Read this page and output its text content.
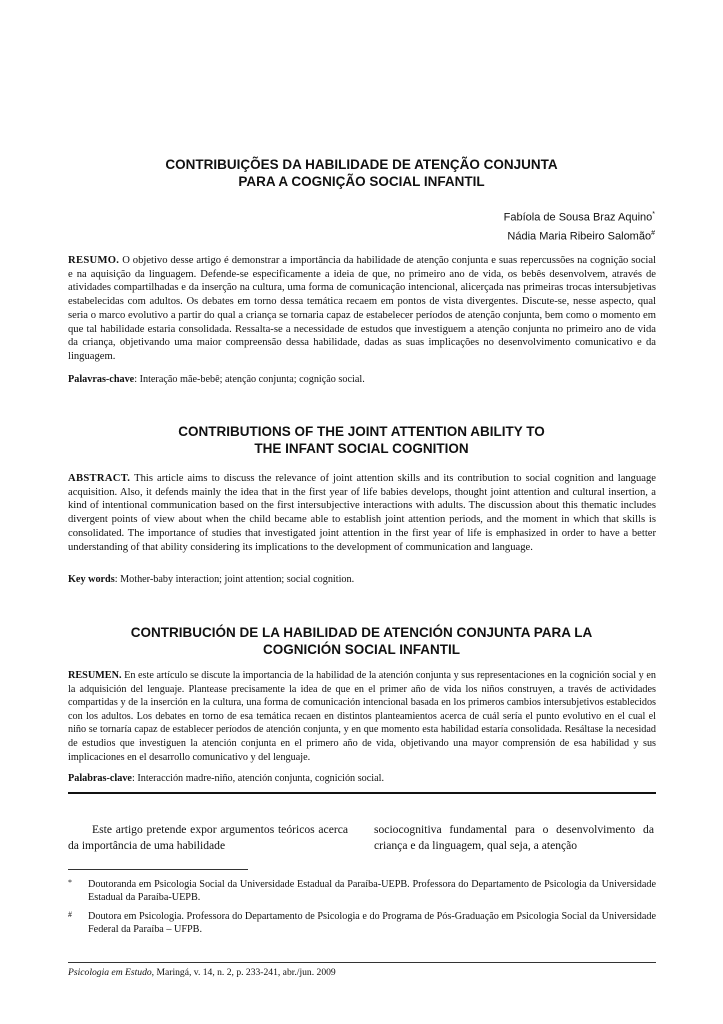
CONTRIBUIÇÕES DA HABILIDADE DE ATENÇÃO CONJUNTA
PARA A COGNIÇÃO SOCIAL INFANTIL
Fabíola de Sousa Braz Aquino*
Nádia Maria Ribeiro Salomão#

RESUMO. O objetivo desse artigo é demonstrar a importância da habilidade de atenção conjunta e suas repercussões na cognição social e na aquisição da linguagem. Defende-se especificamente a ideia de que, no primeiro ano de vida, os bebês desenvolvem, através de atividades compartilhadas e da inserção na cultura, uma forma de comunicação intencional, alicerçada nas primeiras trocas intersubjetivas estabelecidas com adultos. Os debates em torno dessa temática recaem em pontos de vista divergentes. Discute-se, nesse aspecto, qual seria o marco evolutivo a partir do qual a criança se tornaria capaz de estabelecer períodos de atenção conjunta, bem como o momento em que tal habilidade estaria consolidada. Ressalta-se a necessidade de estudos que investiguem a atenção conjunta no primeiro ano de vida da criança, objetivando uma maior compreensão dessa habilidade, dadas as suas implicações no desenvolvimento comunicativo e da linguagem.

Palavras-chave: Interação mãe-bebê; atenção conjunta; cognição social.

CONTRIBUTIONS OF THE JOINT ATTENTION ABILITY TO
THE INFANT SOCIAL COGNITION

ABSTRACT. This article aims to discuss the relevance of joint attention skills and its contribution to social cognition and language acquisition. Also, it defends mainly the idea that in the first year of life babies develops, thought joint attention and cultural insertion, a kind of intentional communication based on the first intersubjective interactions with adults. The discussion about this thematic includes divergent points of view about when the child became able to establish joint attention periods, and the moment in which that skills is consolidated. The importance of studies that investigated joint attention in the first year of life is emphasized in order to have a better understanding of that ability considering its implications to the development of communication and language.

Key words: Mother-baby interaction; joint attention; social cognition.

CONTRIBUCIÓN DE LA HABILIDAD DE ATENCIÓN CONJUNTA PARA LA
COGNICIÓN SOCIAL INFANTIL

RESUMEN. En este artículo se discute la importancia de la habilidad de la atención conjunta y sus representaciones en la cognición social y en la adquisición del lenguaje. Plantease precisamente la idea de que en el primer año de vida los niños construyen, a través de actividades compartidas y de la inserción en la cultura, una forma de comunicación intencional basada en los primeros cambios intersubjetivos establecidos con los adultos. Los debates en torno de esa temática recaen en distintos planteamientos acerca de cuál sería el punto evolutivo en el cual el niño se tornaría capaz de establecer períodos de atención conjunta, y en que momento esta habilidad estaría consolidada. Resáltase la necesidad de estudios que investiguen la atención conjunta en el primero año de vida, objetivando una mayor comprensión de esa habilidad y sus implicaciones en el desarrollo comunicativo y del lenguaje.

Palabras-clave: Interacción madre-niño, atención conjunta, cognición social.

Este artigo pretende expor argumentos teóricos acerca da importância de uma habilidade

sociocognitiva fundamental para o desenvolvimento da criança e da linguagem, qual seja, a atenção

* Doutoranda em Psicologia Social da Universidade Estadual da Paraíba-UEPB. Professora do Departamento de Psicologia da Universidade Estadual da Paraíba-UEPB.

# Doutora em Psicologia. Professora do Departamento de Psicologia e do Programa de Pós-Graduação em Psicologia Social da Universidade Federal da Paraíba – UFPB.

Psicologia em Estudo, Maringá, v. 14, n. 2, p. 233-241, abr./jun. 2009
